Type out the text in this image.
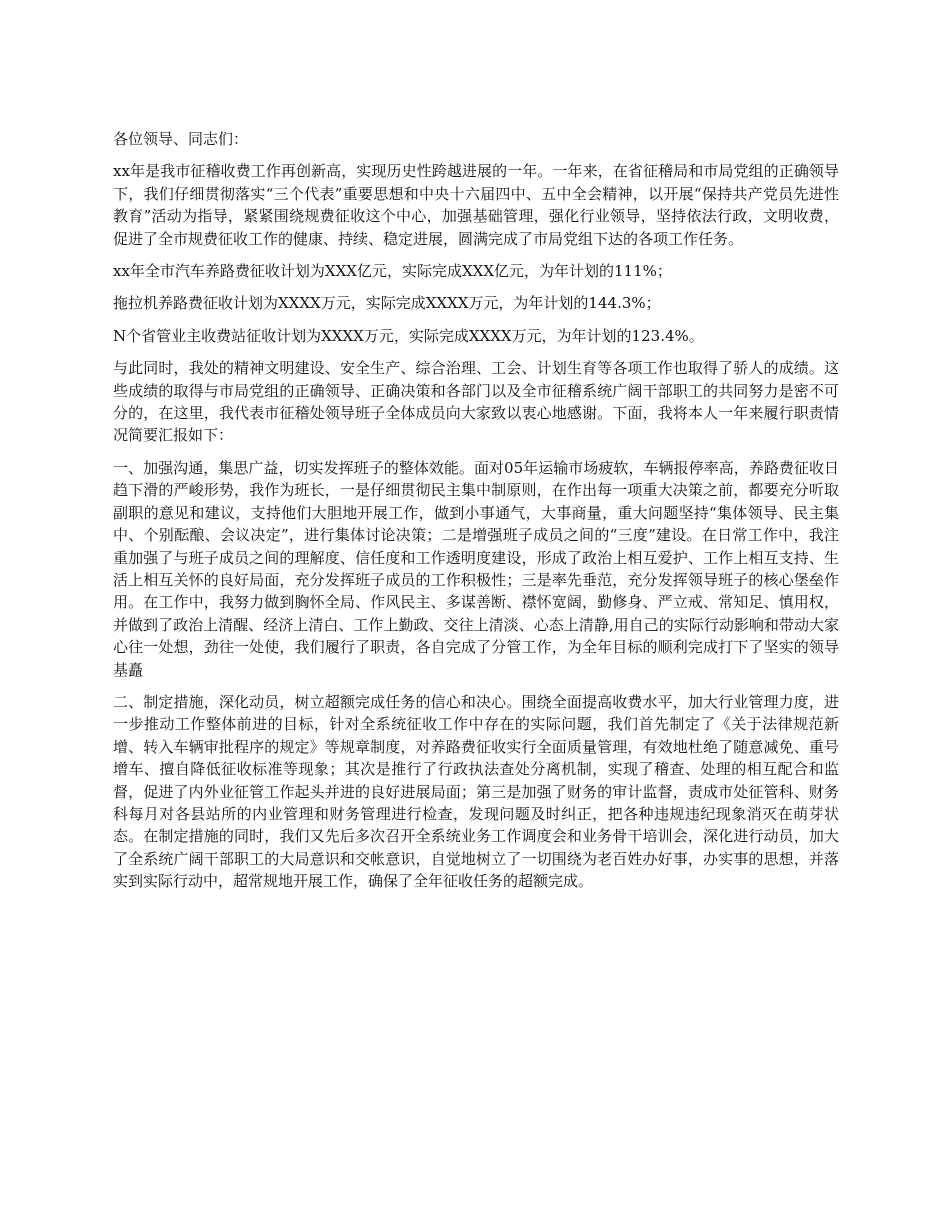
各位领导、同志们：

xx年是我市征稽收费工作再创新高，实现历史性跨越进展的一年。一年来，在省征稽局和市局党组的正确领导下，我们仔细贯彻落实“三个代表”重要思想和中央十六届四中、五中全会精神，以开展“保持共产党员先进性教育”活动为指导，紧紧围绕规费征收这个中心，加强基础管理，强化行业领导，坚持依法行政，文明收费，促进了全市规费征收工作的健康、持续、稳定进展，圆满完成了市局党组下达的各项工作任务。

xx年全市汽车养路费征收计划为XXX亿元，实际完成XXX亿元，为年计划的111%；

拖拉机养路费征收计划为XXXX万元，实际完成XXXX万元，为年计划的144.3%；

N个省管业主收费站征收计划为XXXX万元，实际完成XXXX万元，为年计划的123.4%。

与此同时，我处的精神文明建设、安全生产、综合治理、工会、计划生育等各项工作也取得了骄人的成绩。这些成绩的取得与市局党组的正确领导、正确决策和各部门以及全市征稽系统广阔干部职工的共同努力是密不可分的，在这里，我代表市征稽处领导班子全体成员向大家致以衷心地感谢。下面，我将本人一年来履行职责情况简要汇报如下：

一、加强沟通，集思广益，切实发挥班子的整体效能。面对05年运输市场疲软，车辆报停率高，养路费征收日趋下滑的严峻形势，我作为班长，一是仔细贯彻民主集中制原则，在作出每一项重大决策之前，都要充分听取副职的意见和建议，支持他们大胆地开展工作，做到小事通气，大事商量，重大问题坚持“集体领导、民主集中、个别酝酿、会议决定”，进行集体讨论决策；二是增强班子成员之间的“三度”建设。在日常工作中，我注重加强了与班子成员之间的理解度、信任度和工作透明度建设，形成了政治上相互爱护、工作上相互支持、生活上相互关怀的良好局面，充分发挥班子成员的工作积极性；三是率先垂范，充分发挥领导班子的核心堡垒作用。在工作中，我努力做到胸怀全局、作风民主、多谋善断、襟怀宽阔，勤修身、严立戒、常知足、慎用权，并做到了政治上清醒、经济上清白、工作上勤政、交往上清淡、心态上清静,用自己的实际行动影响和带动大家心往一处想，劲往一处使，我们履行了职责，各自完成了分管工作，为全年目标的顺利完成打下了坚实的领导基矗

二、制定措施，深化动员，树立超额完成任务的信心和决心。围绕全面提高收费水平，加大行业管理力度，进一步推动工作整体前进的目标，针对全系统征收工作中存在的实际问题，我们首先制定了《关于法律规范新增、转入车辆审批程序的规定》等规章制度，对养路费征收实行全面质量管理，有效地杜绝了随意减免、重号增车、擅自降低征收标准等现象；其次是推行了行政执法查处分离机制，实现了稽查、处理的相互配合和监督，促进了内外业征管工作起头并进的良好进展局面；第三是加强了财务的审计监督，责成市处征管科、财务科每月对各县站所的内业管理和财务管理进行检查，发现问题及时纠正，把各种违规违纪现象消灭在萌芽状态。在制定措施的同时，我们又先后多次召开全系统业务工作调度会和业务骨干培训会，深化进行动员，加大了全系统广阔干部职工的大局意识和交帐意识，自觉地树立了一切围绕为老百姓办好事，办实事的思想，并落实到实际行动中，超常规地开展工作，确保了全年征收任务的超额完成。
